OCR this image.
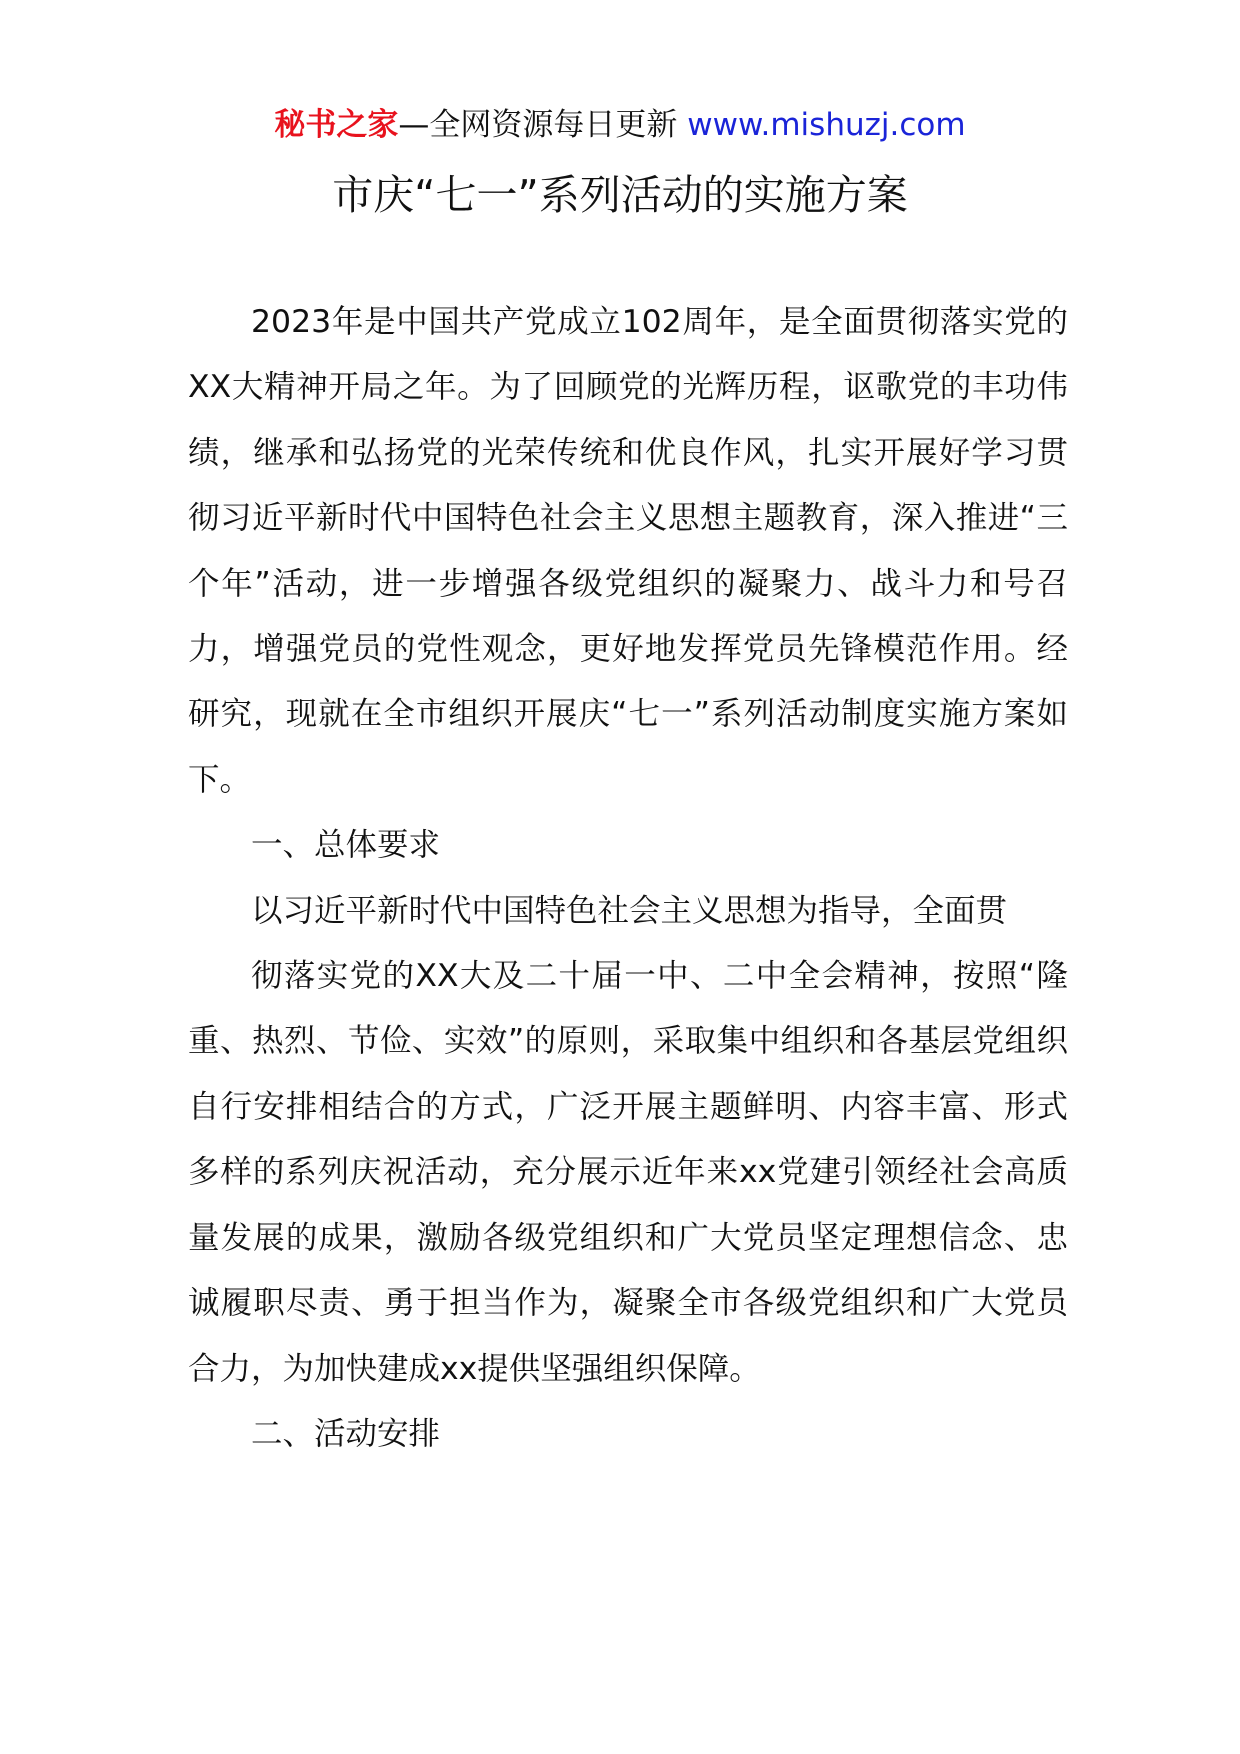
秘书之家—全网资源每日更新 www.mishuzj.com
市庆“七一”系列活动的实施方案

2023年是中国共产党成立102周年，是全面贯彻落实党的XX大精神开局之年。为了回顾党的光辉历程，讴歌党的丰功伟绩，继承和弘扬党的光荣传统和优良作风，扎实开展好学习贯彻习近平新时代中国特色社会主义思想主题教育，深入推进“三个年”活动，进一步增强各级党组织的凝聚力、战斗力和号召力，增强党员的党性观念，更好地发挥党员先锋模范作用。经研究，现就在全市组织开展庆“七一”系列活动制度实施方案如下。

一、总体要求

以习近平新时代中国特色社会主义思想为指导，全面贯

彻落实党的XX大及二十届一中、二中全会精神，按照“隆重、热烈、节俭、实效”的原则，采取集中组织和各基层党组织自行安排相结合的方式，广泛开展主题鲜明、内容丰富、形式多样的系列庆祝活动，充分展示近年来xx党建引领经社会高质量发展的成果，激励各级党组织和广大党员坚定理想信念、忠诚履职尽责、勇于担当作为，凝聚全市各级党组织和广大党员合力，为加快建成xx提供坚强组织保障。

二、活动安排
